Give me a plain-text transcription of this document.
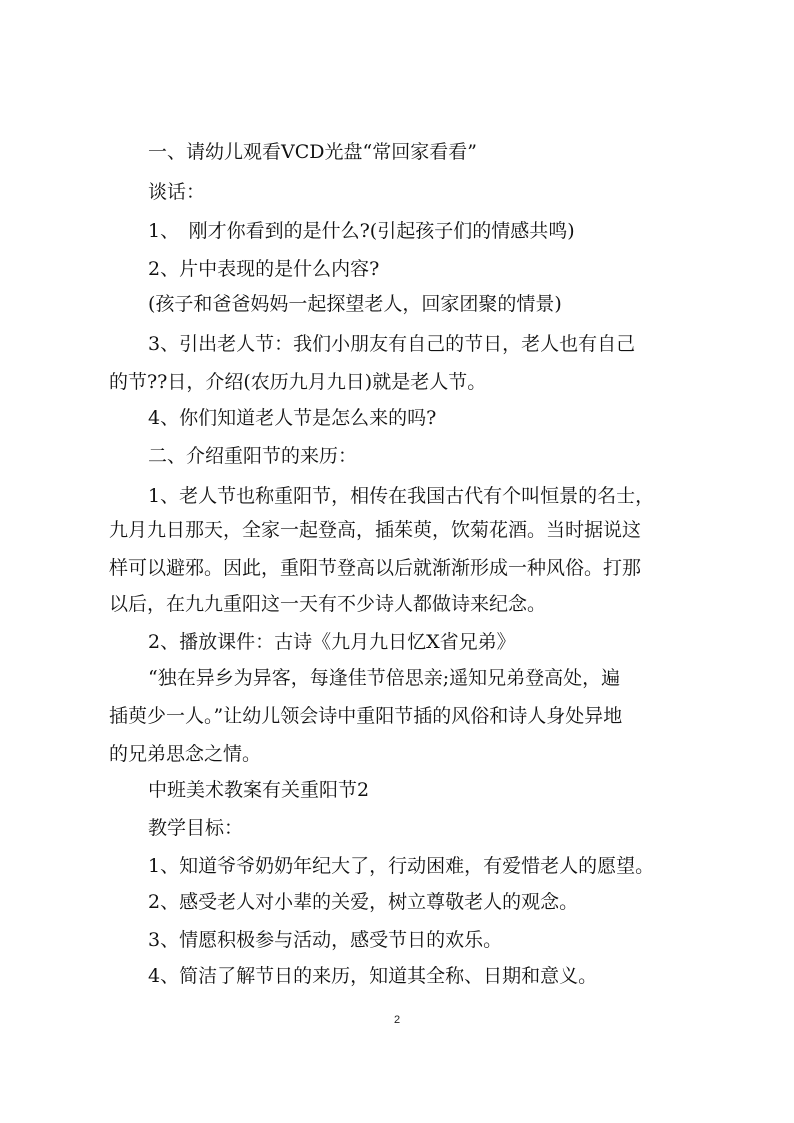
一、请幼儿观看VCD光盘“常回家看看”
谈话：
1、　刚才你看到的是什么?(引起孩子们的情感共鸣)
2、片中表现的是什么内容?
(孩子和爸爸妈妈一起探望老人，回家团聚的情景)
3、引出老人节：我们小朋友有自己的节日，老人也有自己
的节??日，介绍(农历九月九日)就是老人节。
4、你们知道老人节是怎么来的吗?
二、介绍重阳节的来历：
1、老人节也称重阳节，相传在我国古代有个叫恒景的名士，
九月九日那天，全家一起登高，插茱萸，饮菊花酒。当时据说这
样可以避邪。因此，重阳节登高以后就渐渐形成一种风俗。打那
以后，在九九重阳这一天有不少诗人都做诗来纪念。
2、播放课件：古诗《九月九日忆X省兄弟》
“独在异乡为异客，每逢佳节倍思亲;遥知兄弟登高处，遍
插萸少一人。”让幼儿领会诗中重阳节插的风俗和诗人身处异地
的兄弟思念之情。
中班美术教案有关重阳节2
教学目标：
1、知道爷爷奶奶年纪大了，行动困难，有爱惜老人的愿望。
2、感受老人对小辈的关爱，树立尊敬老人的观念。
3、情愿积极参与活动，感受节日的欢乐。
4、简洁了解节日的来历，知道其全称、日期和意义。
2
